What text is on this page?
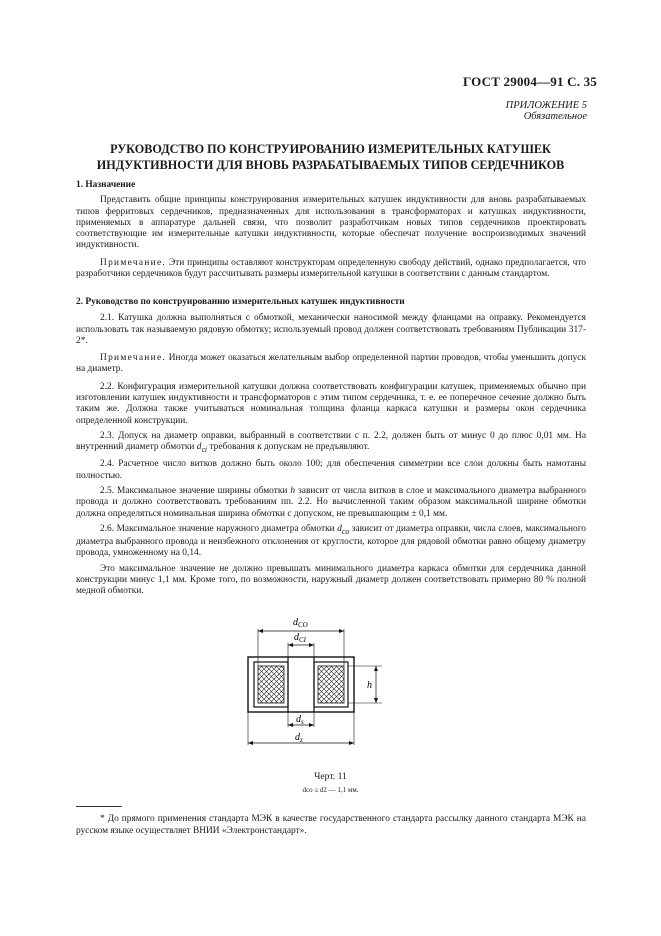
ГОСТ 29004—91 С. 35
ПРИЛОЖЕНИЕ 5
Обязательное
РУКОВОДСТВО ПО КОНСТРУИРОВАНИЮ ИЗМЕРИТЕЛЬНЫХ КАТУШЕК
ИНДУКТИВНОСТИ ДЛЯ ВНОВЬ РАЗРАБАТЫВАЕМЫХ ТИПОВ СЕРДЕЧНИКОВ
1. Назначение

Представить общие принципы конструирования измерительных катушек индуктивности для вновь разрабатываемых типов ферритовых сердечников, предназначенных для использования в трансформаторах и катушках индуктивности, применяемых в аппаратуре дальней связи, что позволит разработчикам новых типов сердечников проектировать соответствующие им измерительные катушки индуктивности, которые обеспечат получение воспроизводимых значений индуктивности.

Примечание. Эти принципы оставляют конструкторам определенную свободу действий, однако предполагается, что разработчики сердечников будут рассчитывать размеры измерительной катушки в соответствии с данным стандартом.

2. Руководство по конструированию измерительных катушек индуктивности

2.1. Катушка должна выполняться с обмоткой, механически наносимой между фланцами на оправку. Рекомендуется использовать так называемую рядовую обмотку; используемый провод должен соответствовать требованиям Публикации 317-2*.

Примечание. Иногда может оказаться желательным выбор определенной партии проводов, чтобы уменьшить допуск на диаметр.

2.2. Конфигурация измерительной катушки должна соответствовать конфигурации катушек, применяемых обычно при изготовлении катушек индуктивности и трансформаторов с этим типом сердечника, т. е. ее поперечное сечение должно быть таким же. Должна также учитываться номинальная толщина фланца каркаса катушки и размеры окон сердечника определенной конструкции.

2.3. Допуск на диаметр оправки, выбранный в соответствии с п. 2.2, должен быть от минус 0 до плюс 0,01 мм. На внутренний диаметр обмотки $d_{ci}$ требования к допускам не предъявляют.

2.4. Расчетное число витков должно быть около 100; для обеспечения симметрии все слои должны быть намотаны полностью.

2.5. Максимальное значение ширины обмотки h зависит от числа витков в слое и максимального диаметра выбранного провода и должно соответствовать требованиям пп. 2.2. Но вычисленной таким образом максимальной ширине обмотки должна определяться номинальная ширина обмотки с допуском, не превышающим ± 0,1 мм.

2.6. Максимальное значение наружного диаметра обмотки $d_{co}$ зависит от диаметра оправки, числа слоев, максимального диаметра выбранного провода и неизбежного отклонения от круглости, которое для рядовой обмотки равно общему диаметру провода, умноженному на 0,14.

Это максимальное значение не должно превышать минимального диаметра каркаса обмотки для сердечника данной конструкции минус 1,1 мм. Кроме того, по возможности, наружный диаметр должен соответствовать примерно 80 % полной медной обмотки.

$d_{CO}$
$d_{CI}$
$d_s$
$d_z$
h
Черт. 11
dco ≤ d2 — 1,1 мм.
* До прямого применения стандарта МЭК в качестве государственного стандарта рассылку данного стандарта МЭК на русском языке осуществляет ВНИИ «Электронстандарт».
